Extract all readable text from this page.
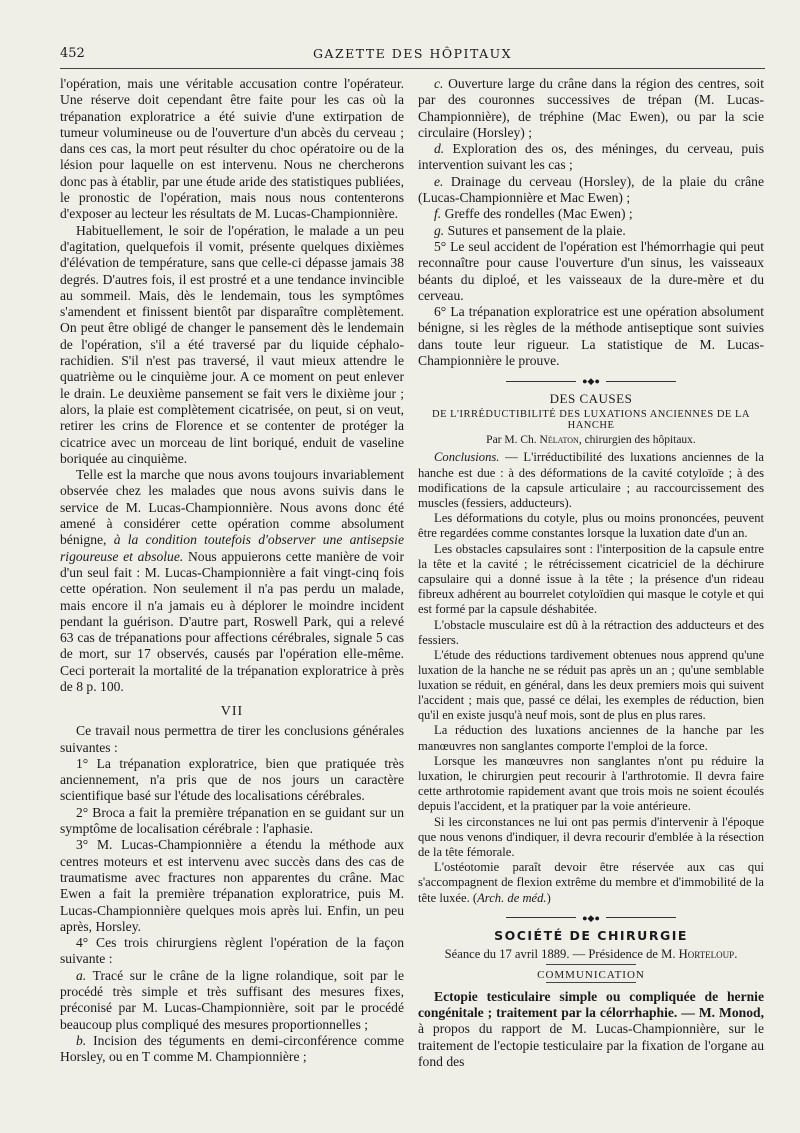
452	GAZETTE DES HÔPITAUX

l'opération, mais une véritable accusation contre l'opérateur. Une réserve doit cependant être faite pour les cas où la trépanation exploratrice a été suivie d'une extirpation de tumeur volumineuse ou de l'ouverture d'un abcès du cerveau ; dans ces cas, la mort peut résulter du choc opératoire ou de la lésion pour laquelle on est intervenu. Nous ne chercherons donc pas à établir, par une étude aride des statistiques publiées, le pronostic de l'opération, mais nous nous contenterons d'exposer au lecteur les résultats de M. Lucas-Championnière.

Habituellement, le soir de l'opération, le malade a un peu d'agitation, quelquefois il vomit, présente quelques dixièmes d'élévation de température, sans que celle-ci dépasse jamais 38 degrés. D'autres fois, il est prostré et a une tendance invincible au sommeil. Mais, dès le lendemain, tous les symptômes s'amendent et finissent bientôt par disparaître complètement. On peut être obligé de changer le pansement dès le lendemain de l'opération, s'il a été traversé par du liquide céphalo-rachidien. S'il n'est pas traversé, il vaut mieux attendre le quatrième ou le cinquième jour. A ce moment on peut enlever le drain. Le deuxième pansement se fait vers le dixième jour ; alors, la plaie est complètement cicatrisée, on peut, si on veut, retirer les crins de Florence et se contenter de protéger la cicatrice avec un morceau de lint boriqué, enduit de vaseline boriquée au cinquième.

Telle est la marche que nous avons toujours invariablement observée chez les malades que nous avons suivis dans le service de M. Lucas-Championnière. Nous avons donc été amené à considérer cette opération comme absolument bénigne, à la condition toutefois d'observer une antisepsie rigoureuse et absolue. Nous appuierons cette manière de voir d'un seul fait : M. Lucas-Championnière a fait vingt-cinq fois cette opération. Non seulement il n'a pas perdu un malade, mais encore il n'a jamais eu à déplorer le moindre incident pendant la guérison. D'autre part, Roswell Park, qui a relevé 63 cas de trépanations pour affections cérébrales, signale 5 cas de mort, sur 17 observés, causés par l'opération elle-même. Ceci porterait la mortalité de la trépanation exploratrice à près de 8 p. 100.

VII

Ce travail nous permettra de tirer les conclusions générales suivantes :

1° La trépanation exploratrice, bien que pratiquée très anciennement, n'a pris que de nos jours un caractère scientifique basé sur l'étude des localisations cérébrales.

2° Broca a fait la première trépanation en se guidant sur un symptôme de localisation cérébrale : l'aphasie.

3° M. Lucas-Championnière a étendu la méthode aux centres moteurs et est intervenu avec succès dans des cas de traumatisme avec fractures non apparentes du crâne. Mac Ewen a fait la première trépanation exploratrice, puis M. Lucas-Championnière quelques mois après lui. Enfin, un peu après, Horsley.

4° Ces trois chirurgiens règlent l'opération de la façon suivante :

a. Tracé sur le crâne de la ligne rolandique, soit par le procédé très simple et très suffisant des mesures fixes, préconisé par M. Lucas-Championnière, soit par le procédé beaucoup plus compliqué des mesures proportionnelles ;

b. Incision des téguments en demi-circonférence comme Horsley, ou en T comme M. Championnière ;

c. Ouverture large du crâne dans la région des centres, soit par des couronnes successives de trépan (M. Lucas-Championnière), de tréphine (Mac Ewen), ou par la scie circulaire (Horsley) ;

d. Exploration des os, des méninges, du cerveau, puis intervention suivant les cas ;

e. Drainage du cerveau (Horsley), de la plaie du crâne (Lucas-Championnière et Mac Ewen) ;

f. Greffe des rondelles (Mac Ewen) ;

g. Sutures et pansement de la plaie.

5° Le seul accident de l'opération est l'hémorrhagie qui peut reconnaître pour cause l'ouverture d'un sinus, les vaisseaux béants du diploé, et les vaisseaux de la dure-mère et du cerveau.

6° La trépanation exploratrice est une opération absolument bénigne, si les règles de la méthode antiseptique sont suivies dans toute leur rigueur. La statistique de M. Lucas-Championnière le prouve.

●◆●
DES CAUSES
DE L'IRRÉDUCTIBILITÉ DES LUXATIONS ANCIENNES DE LA HANCHE
Par M. Ch. Nélaton, chirurgien des hôpitaux.

Conclusions. — L'irréductibilité des luxations anciennes de la hanche est due : à des déformations de la cavité cotyloïde ; à des modifications de la capsule articulaire ; au raccourcissement des muscles (fessiers, adducteurs).

Les déformations du cotyle, plus ou moins prononcées, peuvent être regardées comme constantes lorsque la luxation date d'un an.

Les obstacles capsulaires sont : l'interposition de la capsule entre la tête et la cavité ; le rétrécissement cicatriciel de la déchirure capsulaire qui a donné issue à la tête ; la présence d'un rideau fibreux adhérent au bourrelet cotyloïdien qui masque le cotyle et qui est formé par la capsule déshabitée.

L'obstacle musculaire est dû à la rétraction des adducteurs et des fessiers.

L'étude des réductions tardivement obtenues nous apprend qu'une luxation de la hanche ne se réduit pas après un an ; qu'une semblable luxation se réduit, en général, dans les deux premiers mois qui suivent l'accident ; mais que, passé ce délai, les exemples de réduction, bien qu'il en existe jusqu'à neuf mois, sont de plus en plus rares.

La réduction des luxations anciennes de la hanche par les manœuvres non sanglantes comporte l'emploi de la force.

Lorsque les manœuvres non sanglantes n'ont pu réduire la luxation, le chirurgien peut recourir à l'arthrotomie. Il devra faire cette arthrotomie rapidement avant que trois mois ne soient écoulés depuis l'accident, et la pratiquer par la voie antérieure.

Si les circonstances ne lui ont pas permis d'intervenir à l'époque que nous venons d'indiquer, il devra recourir d'emblée à la résection de la tête fémorale.

L'ostéotomie paraît devoir être réservée aux cas qui s'accompagnent de flexion extrême du membre et d'immobilité de la tête luxée. (Arch. de méd.)

●◆●
SOCIÉTÉ DE CHIRURGIE
Séance du 17 avril 1889. — Présidence de M. Horteloup.
COMMUNICATION

Ectopie testiculaire simple ou compliquée de hernie congénitale ; traitement par la célorrhaphie. — M. Monod, à propos du rapport de M. Lucas-Championnière, sur le traitement de l'ectopie testiculaire par la fixation de l'organe au fond des
